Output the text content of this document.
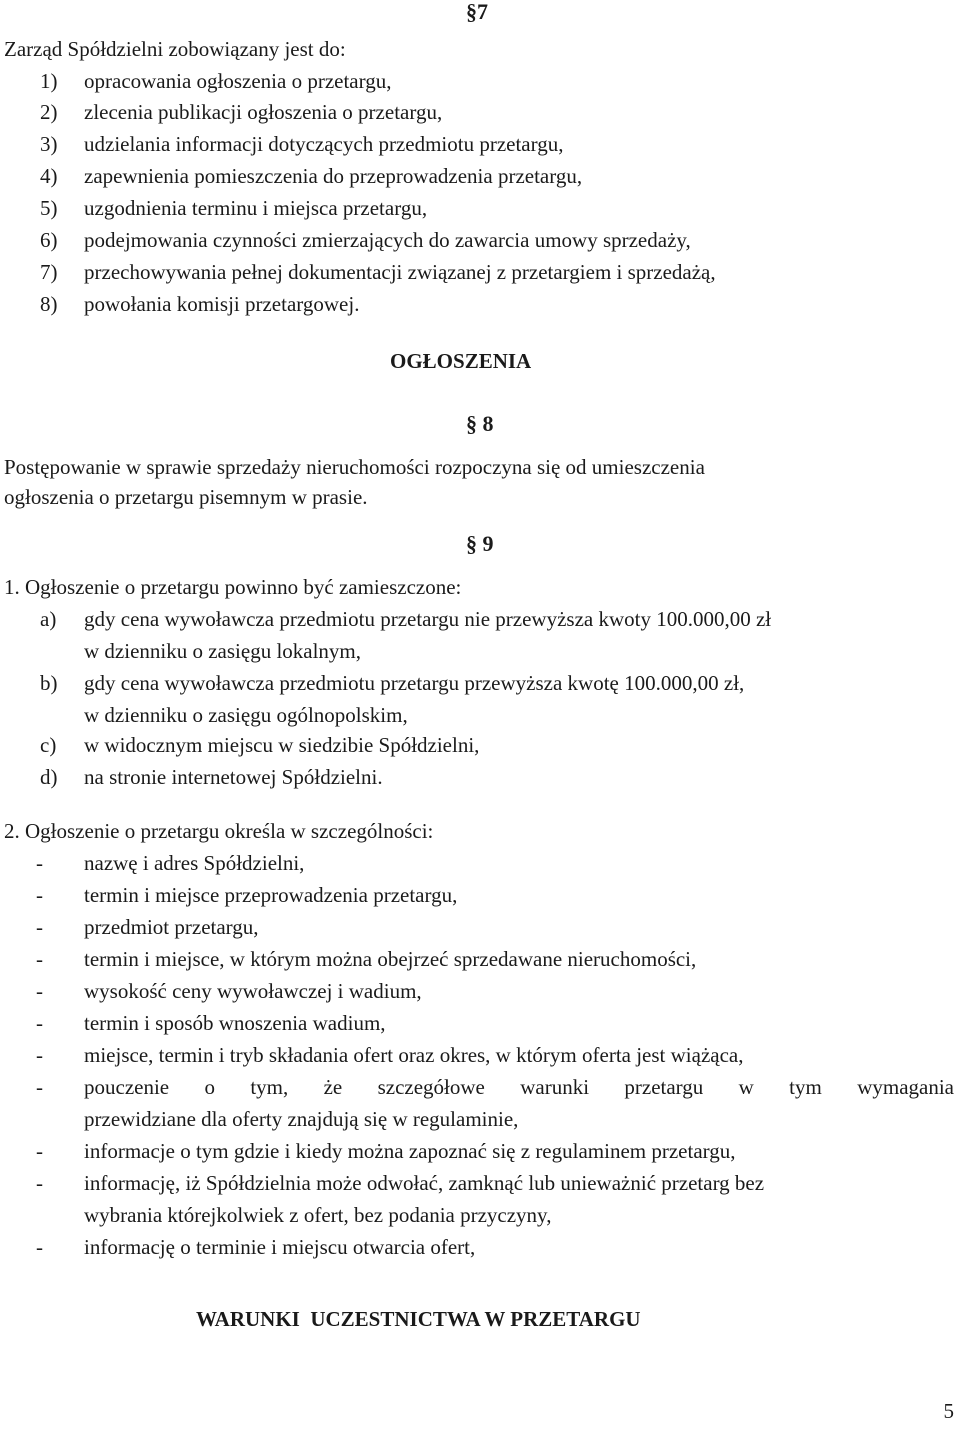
§7
Zarząd Spółdzielni zobowiązany jest do:
1) opracowania ogłoszenia o przetargu,
2) zlecenia publikacji ogłoszenia o przetargu,
3) udzielania informacji dotyczących przedmiotu przetargu,
4) zapewnienia pomieszczenia do przeprowadzenia przetargu,
5) uzgodnienia terminu i miejsca przetargu,
6) podejmowania czynności zmierzających do zawarcia umowy sprzedaży,
7) przechowywania pełnej dokumentacji związanej z przetargiem i sprzedażą,
8) powołania komisji przetargowej.
OGŁOSZENIA
§ 8
Postępowanie w sprawie sprzedaży nieruchomości rozpoczyna się od umieszczenia
ogłoszenia o przetargu pisemnym w prasie.
§ 9
1. Ogłoszenie o przetargu powinno być zamieszczone:
a) gdy cena wywoławcza przedmiotu przetargu nie przewyższa kwoty 100.000,00 zł
w dzienniku o zasięgu lokalnym,
b) gdy cena wywoławcza przedmiotu przetargu przewyższa kwotę 100.000,00 zł,
w dzienniku o zasięgu ogólnopolskim,
c) w widocznym miejscu w siedzibie Spółdzielni,
d) na stronie internetowej Spółdzielni.
2. Ogłoszenie o przetargu określa w szczególności:
- nazwę i adres Spółdzielni,
- termin i miejsce przeprowadzenia przetargu,
- przedmiot przetargu,
- termin i miejsce, w którym można obejrzeć sprzedawane nieruchomości,
- wysokość ceny wywoławczej i wadium,
- termin i sposób wnoszenia wadium,
- miejsce, termin i tryb składania ofert oraz okres, w którym oferta jest wiążąca,
- pouczenie o tym, że szczegółowe warunki przetargu w tym wymagania
przewidziane dla oferty znajdują się w regulaminie,
- informacje o tym gdzie i kiedy można zapoznać się z regulaminem przetargu,
- informację, iż Spółdzielnia może odwołać, zamknąć lub unieważnić przetarg bez
wybrania którejkolwiek z ofert, bez podania przyczyny,
- informację o terminie i miejscu otwarcia ofert,
WARUNKI  UCZESTNICTWA W PRZETARGU
5
